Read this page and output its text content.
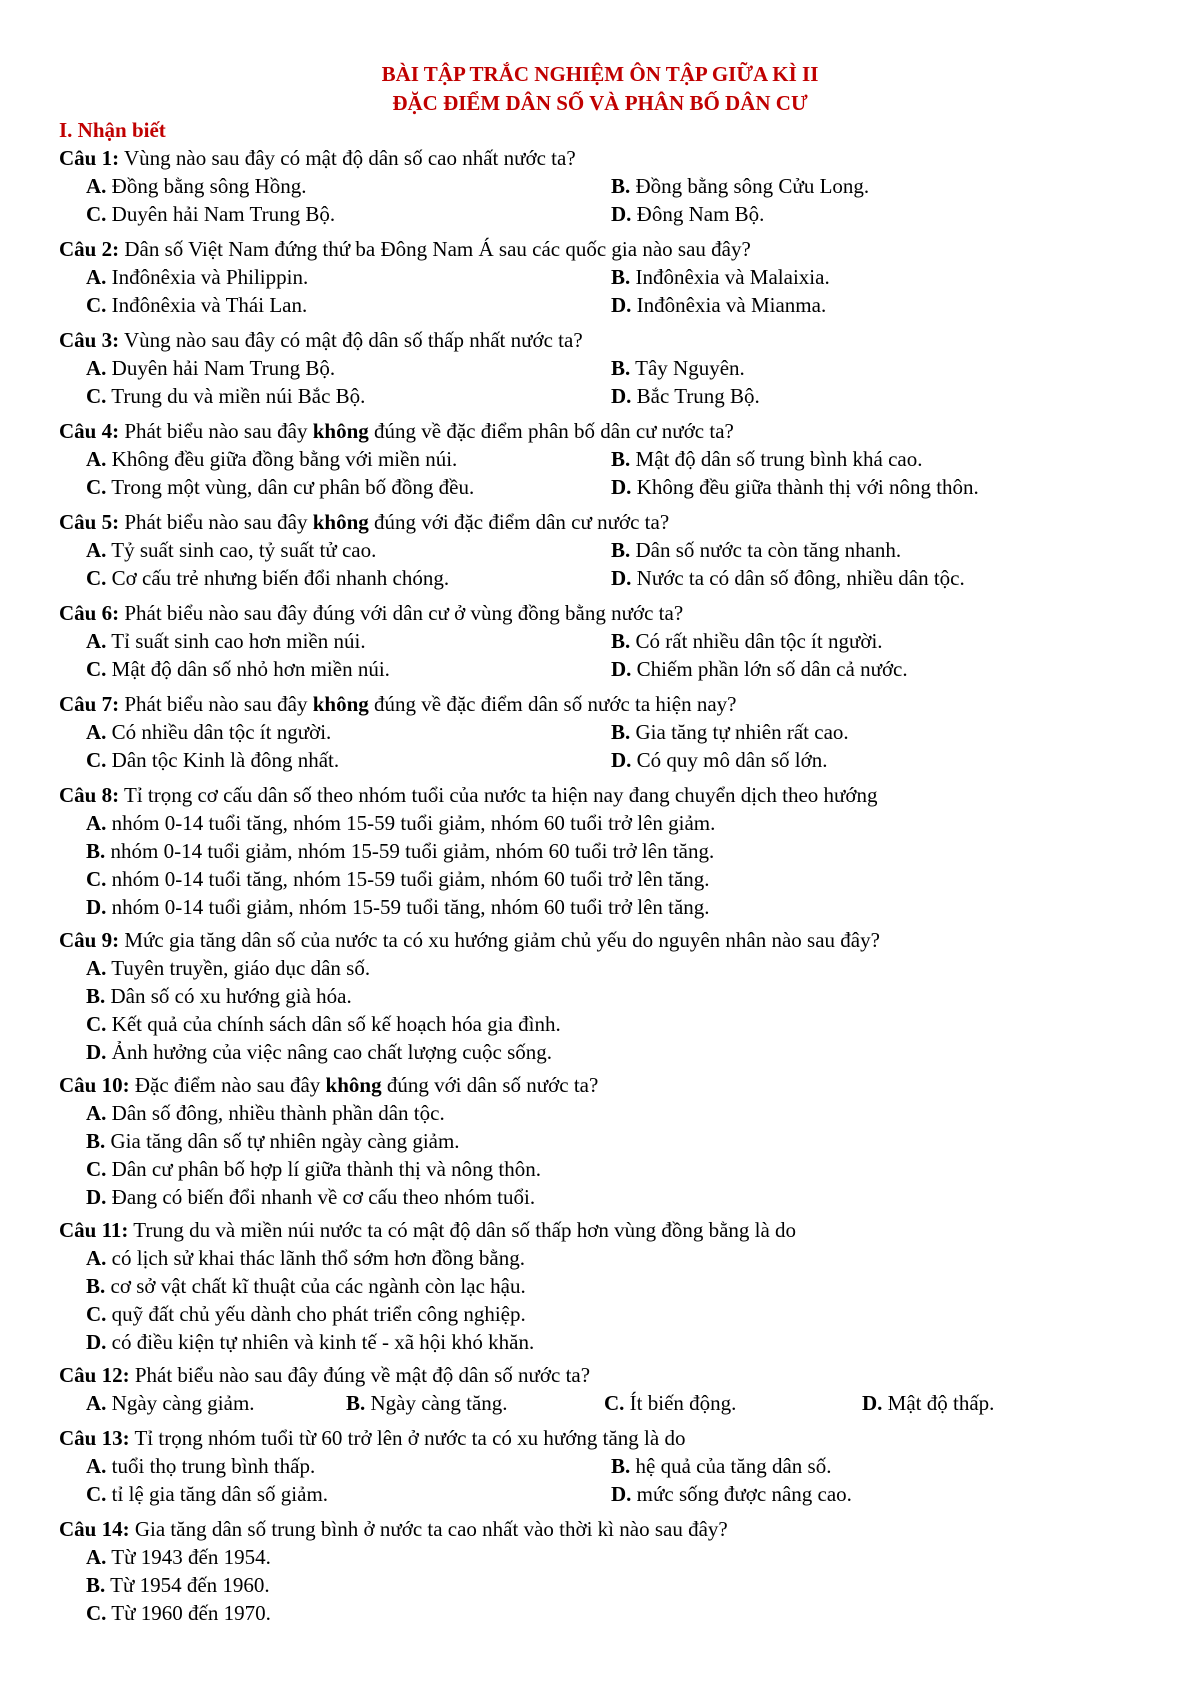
BÀI TẬP TRẮC NGHIỆM ÔN TẬP GIỮA KÌ II
ĐẶC ĐIỂM DÂN SỐ VÀ PHÂN BỐ DÂN CƯ
I. Nhận biết
Câu 1: Vùng nào sau đây có mật độ dân số cao nhất nước ta?
A. Đồng bằng sông Hồng.	B. Đồng bằng sông Cửu Long.
C. Duyên hải Nam Trung Bộ.	D. Đông Nam Bộ.
Câu 2: Dân số Việt Nam đứng thứ ba Đông Nam Á sau các quốc gia nào sau đây?
A. Inđônêxia và Philippin.	B. Inđônêxia và Malaixia.
C. Inđônêxia và Thái Lan.	D. Inđônêxia và Mianma.
Câu 3: Vùng nào sau đây có mật độ dân số thấp nhất nước ta?
A. Duyên hải Nam Trung Bộ.	B. Tây Nguyên.
C. Trung du và miền núi Bắc Bộ.	D. Bắc Trung Bộ.
Câu 4: Phát biểu nào sau đây không đúng về đặc điểm phân bố dân cư nước ta?
A. Không đều giữa đồng bằng với miền núi.	B. Mật độ dân số trung bình khá cao.
C. Trong một vùng, dân cư phân bố đồng đều.	D. Không đều giữa thành thị với nông thôn.
Câu 5: Phát biểu nào sau đây không đúng với đặc điểm dân cư nước ta?
A. Tỷ suất sinh cao, tỷ suất tử cao.	B. Dân số nước ta còn tăng nhanh.
C. Cơ cấu trẻ nhưng biến đổi nhanh chóng.	D. Nước ta có dân số đông, nhiều dân tộc.
Câu 6: Phát biểu nào sau đây đúng với dân cư ở vùng đồng bằng nước ta?
A. Tỉ suất sinh cao hơn miền núi.	B. Có rất nhiều dân tộc ít người.
C. Mật độ dân số nhỏ hơn miền núi.	D. Chiếm phần lớn số dân cả nước.
Câu 7: Phát biểu nào sau đây không đúng về đặc điểm dân số nước ta hiện nay?
A. Có nhiều dân tộc ít người.	B. Gia tăng tự nhiên rất cao.
C. Dân tộc Kinh là đông nhất.	D. Có quy mô dân số lớn.
Câu 8: Tỉ trọng cơ cấu dân số theo nhóm tuổi của nước ta hiện nay đang chuyển dịch theo hướng
A. nhóm 0-14 tuổi tăng, nhóm 15-59 tuổi giảm, nhóm 60 tuổi trở lên giảm.
B. nhóm 0-14 tuổi giảm, nhóm 15-59 tuổi giảm, nhóm 60 tuổi trở lên tăng.
C. nhóm 0-14 tuổi tăng, nhóm 15-59 tuổi giảm, nhóm 60 tuổi trở lên tăng.
D. nhóm 0-14 tuổi giảm, nhóm 15-59 tuổi tăng, nhóm 60 tuổi trở lên tăng.
Câu 9: Mức gia tăng dân số của nước ta có xu hướng giảm chủ yếu do nguyên nhân nào sau đây?
A. Tuyên truyền, giáo dục dân số.
B. Dân số có xu hướng già hóa.
C. Kết quả của chính sách dân số kế hoạch hóa gia đình.
D. Ảnh hưởng của việc nâng cao chất lượng cuộc sống.
Câu 10: Đặc điểm nào sau đây không đúng với dân số nước ta?
A. Dân số đông, nhiều thành phần dân tộc.
B. Gia tăng dân số tự nhiên ngày càng giảm.
C. Dân cư phân bố hợp lí giữa thành thị và nông thôn.
D. Đang có biến đổi nhanh về cơ cấu theo nhóm tuổi.
Câu 11: Trung du và miền núi nước ta có mật độ dân số thấp hơn vùng đồng bằng là do
A. có lịch sử khai thác lãnh thổ sớm hơn đồng bằng.
B. cơ sở vật chất kĩ thuật của các ngành còn lạc hậu.
C. quỹ đất chủ yếu dành cho phát triển công nghiệp.
D. có điều kiện tự nhiên và kinh tế - xã hội khó khăn.
Câu 12: Phát biểu nào sau đây đúng về mật độ dân số nước ta?
A. Ngày càng giảm.	B. Ngày càng tăng.	C. Ít biến động.	D. Mật độ thấp.
Câu 13: Tỉ trọng nhóm tuổi từ 60 trở lên ở nước ta có xu hướng tăng là do
A. tuổi thọ trung bình thấp.	B. hệ quả của tăng dân số.
C. tỉ lệ gia tăng dân số giảm.	D. mức sống được nâng cao.
Câu 14: Gia tăng dân số trung bình ở nước ta cao nhất vào thời kì nào sau đây?
A. Từ 1943 đến 1954.
B. Từ 1954 đến 1960.
C. Từ 1960 đến 1970.
